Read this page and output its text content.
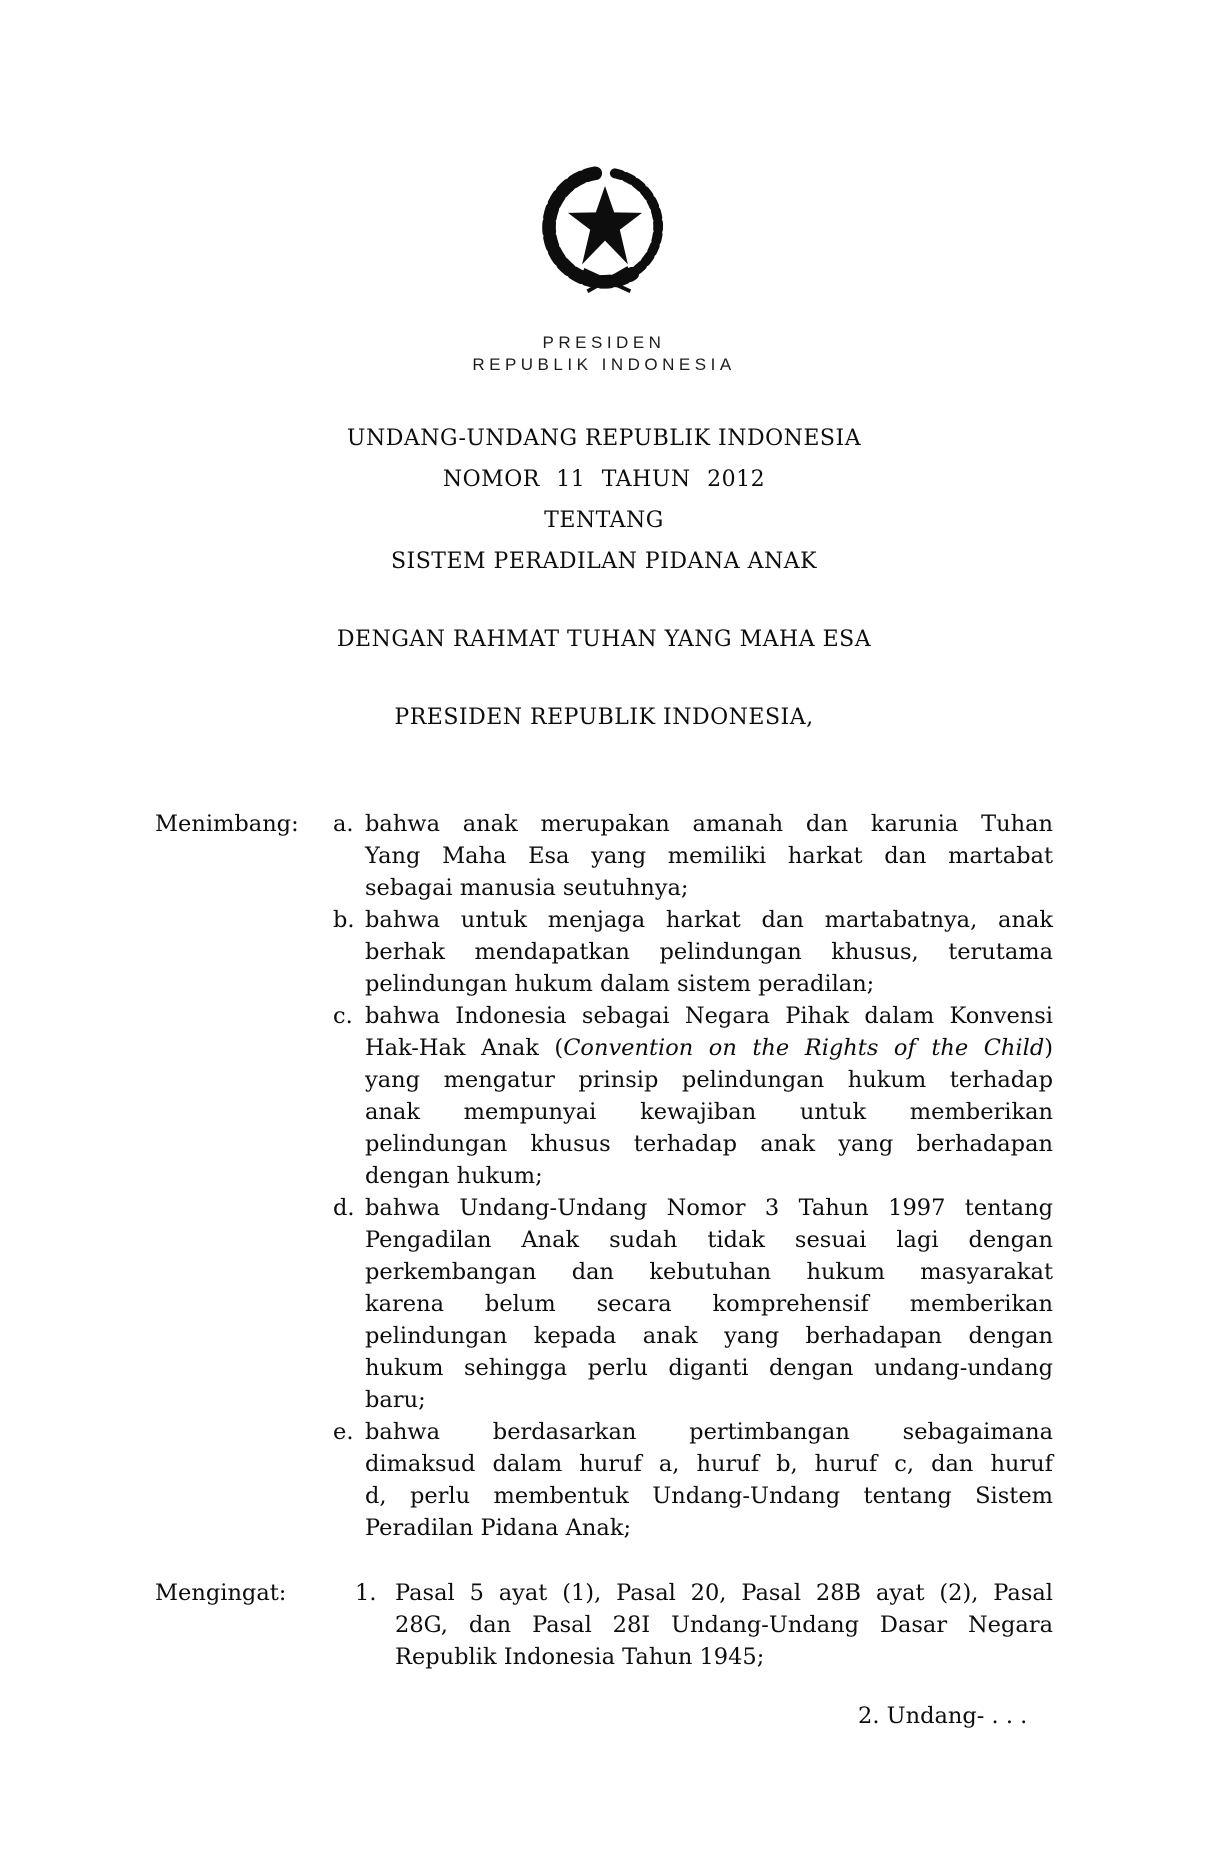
PRESIDEN
REPUBLIK INDONESIA
UNDANG-UNDANG REPUBLIK INDONESIA
NOMOR 11 TAHUN 2012
TENTANG
SISTEM PERADILAN PIDANA ANAK
DENGAN RAHMAT TUHAN YANG MAHA ESA
PRESIDEN REPUBLIK INDONESIA,
Menimbang: a. bahwa anak merupakan amanah dan karunia Tuhan
Yang Maha Esa yang memiliki harkat dan martabat
sebagai manusia seutuhnya;
b. bahwa untuk menjaga harkat dan martabatnya, anak
berhak mendapatkan pelindungan khusus, terutama
pelindungan hukum dalam sistem peradilan;
c. bahwa Indonesia sebagai Negara Pihak dalam Konvensi
Hak-Hak Anak (Convention on the Rights of the Child)
yang mengatur prinsip pelindungan hukum terhadap
anak mempunyai kewajiban untuk memberikan
pelindungan khusus terhadap anak yang berhadapan
dengan hukum;
d. bahwa Undang-Undang Nomor 3 Tahun 1997 tentang
Pengadilan Anak sudah tidak sesuai lagi dengan
perkembangan dan kebutuhan hukum masyarakat
karena belum secara komprehensif memberikan
pelindungan kepada anak yang berhadapan dengan
hukum sehingga perlu diganti dengan undang-undang
baru;
e. bahwa berdasarkan pertimbangan sebagaimana
dimaksud dalam huruf a, huruf b, huruf c, dan huruf
d, perlu membentuk Undang-Undang tentang Sistem
Peradilan Pidana Anak;
Mengingat:	1. Pasal 5 ayat (1), Pasal 20, Pasal 28B ayat (2), Pasal
28G, dan Pasal 28I Undang-Undang Dasar Negara
Republik Indonesia Tahun 1945;
2. Undang- . . .
